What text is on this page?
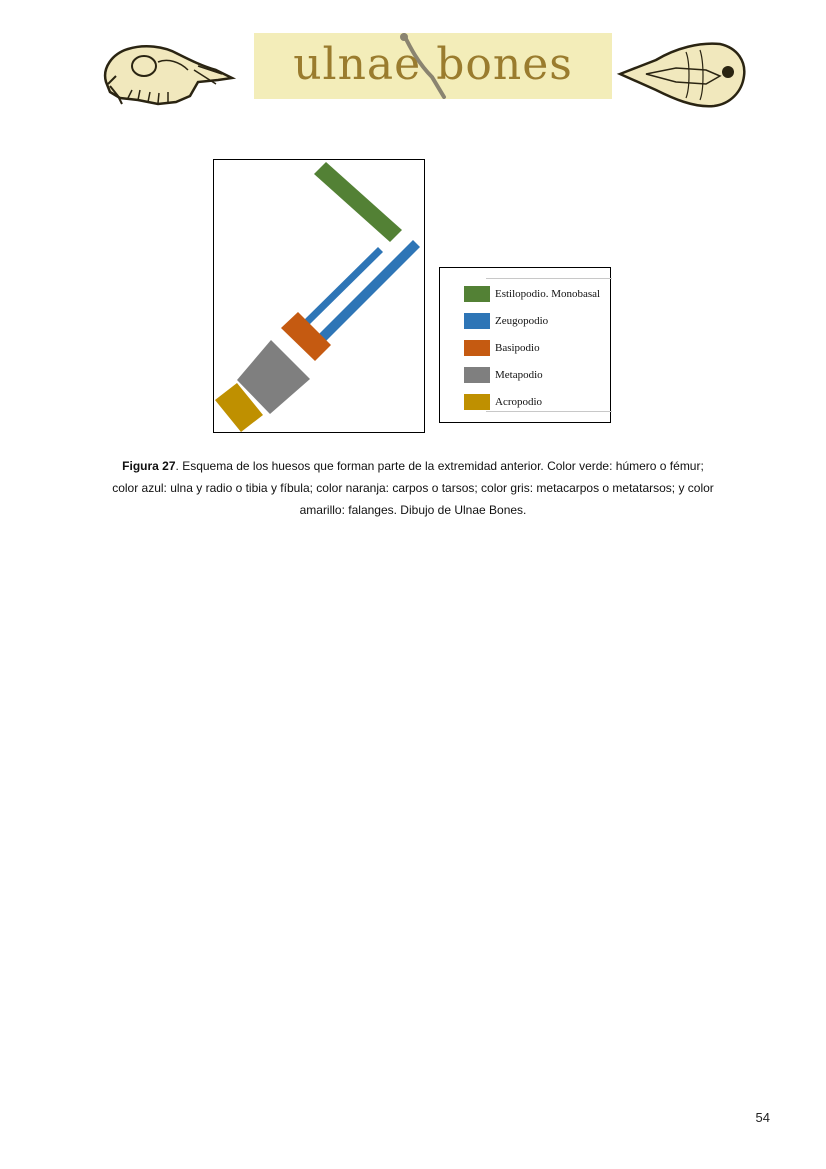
ulnae bones
Estilopodio. Monobasal
Zeugopodio
Basipodio
Metapodio
Acropodio
Figura 27. Esquema de los huesos que forman parte de la extremidad anterior. Color verde: húmero o fémur; color azul: ulna y radio o tibia y fíbula; color naranja: carpos o tarsos; color gris: metacarpos o metatarsos; y color amarillo: falanges. Dibujo de Ulnae Bones.
54
